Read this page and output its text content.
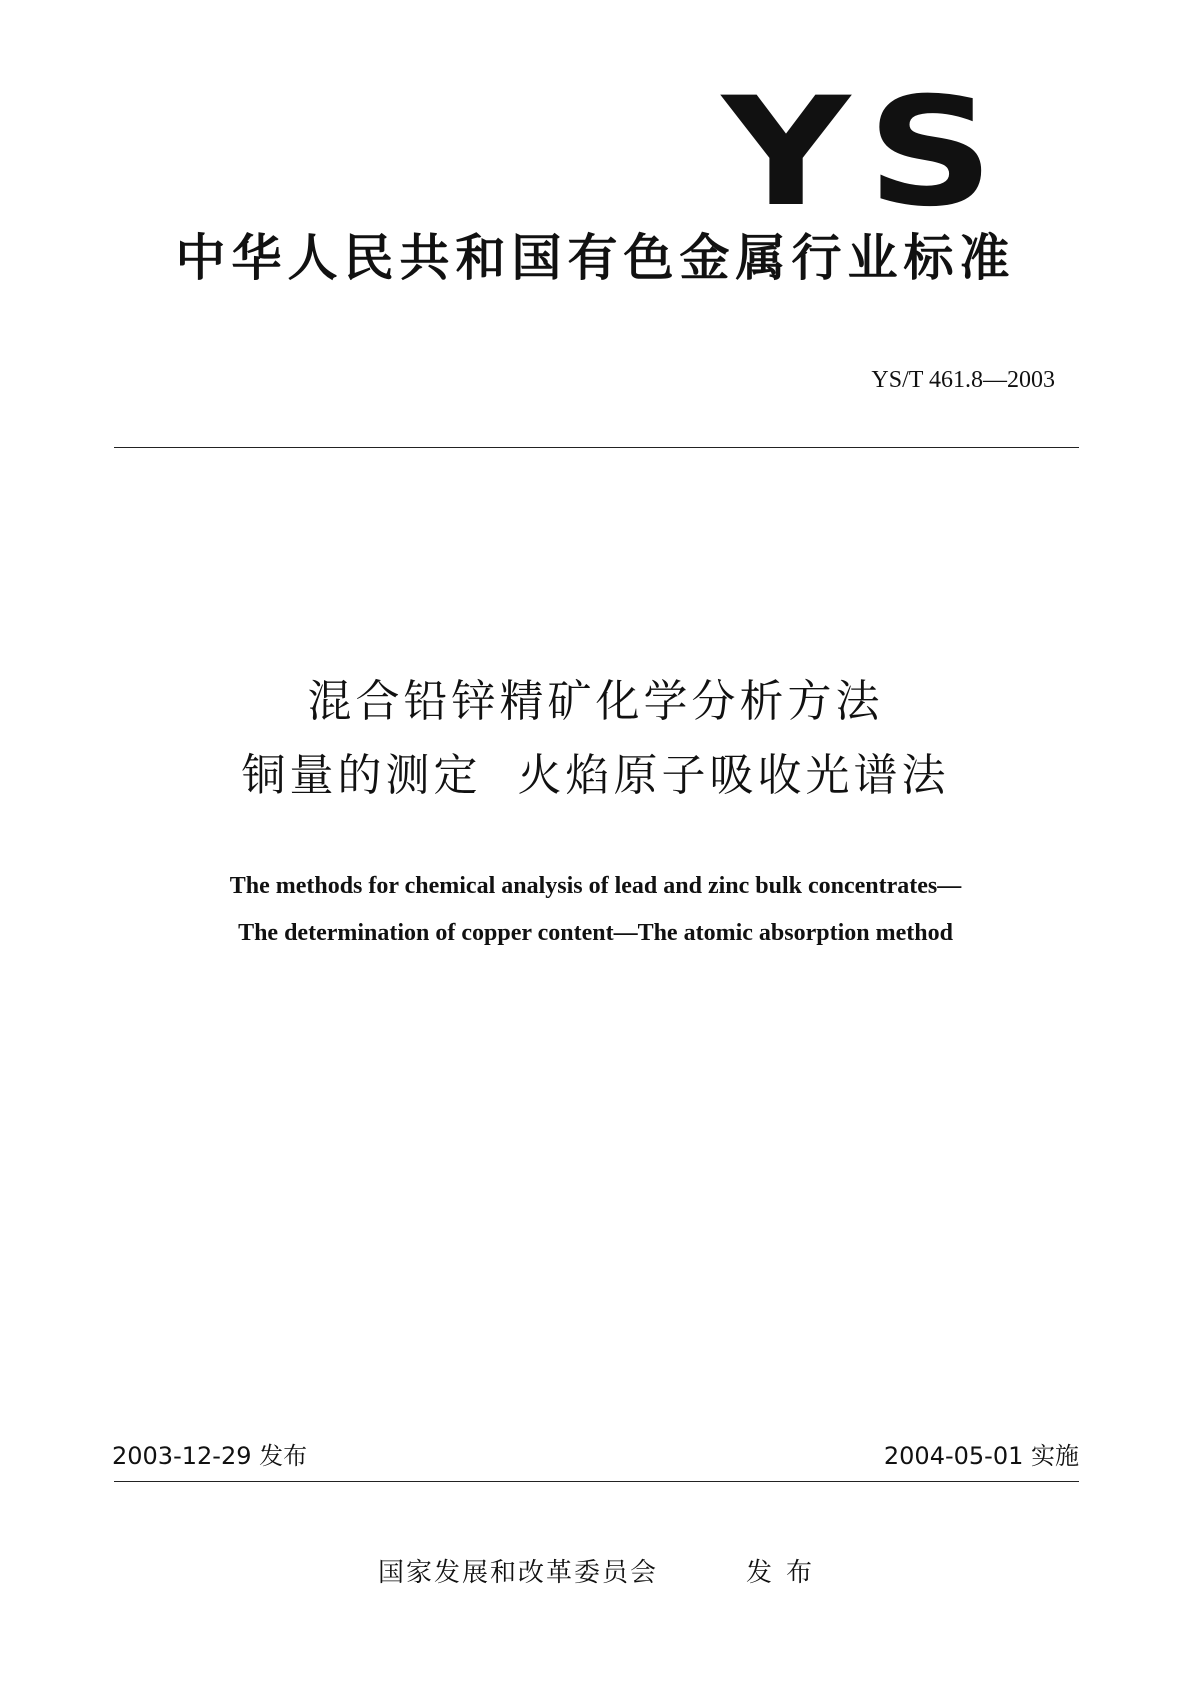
YS
中华人民共和国有色金属行业标准
YS/T 461.8—2003
混合铅锌精矿化学分析方法
铜量的测定  火焰原子吸收光谱法
The methods for chemical analysis of lead and zinc bulk concentrates—
The determination of copper content—The atomic absorption method
2003-12-29 发布	2004-05-01 实施
国家发展和改革委员会	发布
